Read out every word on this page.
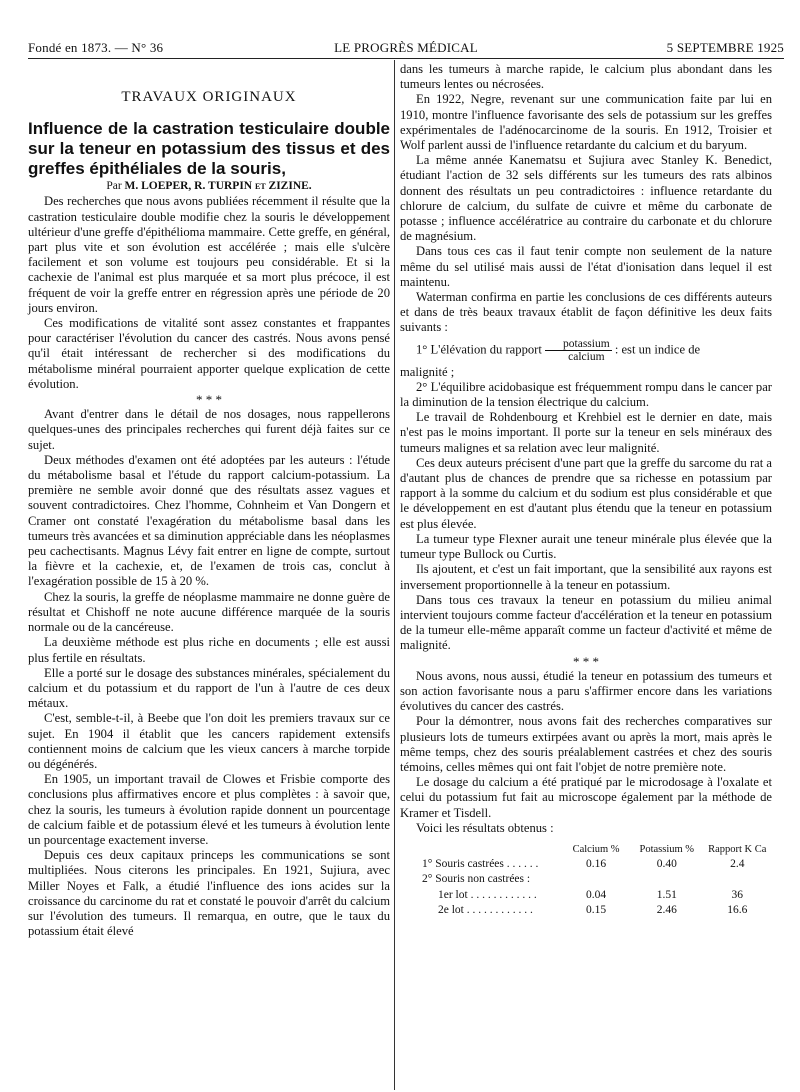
Fondé en 1873. — N° 36	LE PROGRÈS MÉDICAL	5 SEPTEMBRE 1925
TRAVAUX ORIGINAUX

Influence de la castration testiculaire double sur la teneur en potassium des tissus et des greffes épithéliales de la souris,

Par M. LOEPER, R. TURPIN et ZIZINE.

Des recherches que nous avons publiées récemment il résulte que la castration testiculaire double modifie chez la souris le développement ultérieur d'une greffe d'épithélioma mammaire. Cette greffe, en général, part plus vite et son évolution est accélérée ; mais elle s'ulcère facilement et son volume est toujours peu considérable. Et si la cachexie de l'animal est plus marquée et sa mort plus précoce, il est fréquent de voir la greffe entrer en régression après une période de 20 jours environ.

Ces modifications de vitalité sont assez constantes et frappantes pour caractériser l'évolution du cancer des castrés. Nous avons pensé qu'il était intéressant de rechercher si des modifications du métabolisme minéral pourraient apporter quelque explication de cette évolution.

* * *

Avant d'entrer dans le détail de nos dosages, nous rappellerons quelques-unes des principales recherches qui furent déjà faites sur ce sujet.

Deux méthodes d'examen ont été adoptées par les auteurs : l'étude du métabolisme basal et l'étude du rapport calcium-potassium. La première ne semble avoir donné que des résultats assez vagues et souvent contradictoires. Chez l'homme, Cohnheim et Van Dongern et Cramer ont constaté l'exagération du métabolisme basal dans les tumeurs très avancées et sa diminution appréciable dans les néoplasmes peu cachectisants. Magnus Lévy fait entrer en ligne de compte, surtout la fièvre et la cachexie, et, de l'examen de trois cas, conclut à l'exagération possible de 15 à 20 %.

Chez la souris, la greffe de néoplasme mammaire ne donne guère de résultat et Chishoff ne note aucune différence marquée de la souris normale ou de la cancéreuse.

La deuxième méthode est plus riche en documents ; elle est aussi plus fertile en résultats.

Elle a porté sur le dosage des substances minérales, spécialement du calcium et du potassium et du rapport de l'un à l'autre de ces deux métaux.

C'est, semble-t-il, à Beebe que l'on doit les premiers travaux sur ce sujet. En 1904 il établit que les cancers rapidement extensifs contiennent moins de calcium que les vieux cancers à marche torpide ou dégénérés.

En 1905, un important travail de Clowes et Frisbie comporte des conclusions plus affirmatives encore et plus complètes : à savoir que, chez la souris, les tumeurs à évolution rapide donnent un pourcentage de calcium faible et de potassium élevé et les tumeurs à évolution lente un pourcentage exactement inverse.

Depuis ces deux capitaux princeps les communications se sont multipliées. Nous citerons les principales. En 1921, Sujiura, avec Miller Noyes et Falk, a étudié l'influence des ions acides sur la croissance du carcinome du rat et constaté le pouvoir d'arrêt du calcium sur l'évolution des tumeurs. Il remarqua, en outre, que le taux du potassium était élevé

dans les tumeurs à marche rapide, le calcium plus abondant dans les tumeurs lentes ou nécrosées.

En 1922, Negre, revenant sur une communication faite par lui en 1910, montre l'influence favorisante des sels de potassium sur les greffes expérimentales de l'adénocarcinome de la souris. En 1912, Troisier et Wolf parlent aussi de l'influence retardante du calcium et du baryum.

La même année Kanematsu et Sujiura avec Stanley K. Benedict, étudiant l'action de 32 sels différents sur les tumeurs des rats albinos donnent des résultats un peu contradictoires : influence retardante du chlorure de calcium, du sulfate de cuivre et même du carbonate de potasse ; influence accélératrice au contraire du carbonate et du chlorure de magnésium.

Dans tous ces cas il faut tenir compte non seulement de la nature même du sel utilisé mais aussi de l'état d'ionisation dans lequel il est maintenu.

Waterman confirma en partie les conclusions de ces différents auteurs et dans de très beaux travaux établit de façon définitive les deux faits suivants :

1° L'élévation du rapport $\frac{\text{potassium}}{\text{calcium}}$ : est un indice de

malignité ;

2° L'équilibre acidobasique est fréquemment rompu dans le cancer par la diminution de la tension électrique du calcium.

Le travail de Rohdenbourg et Krehbiel est le dernier en date, mais n'est pas le moins important. Il porte sur la teneur en sels minéraux des tumeurs malignes et sa relation avec leur malignité.

Ces deux auteurs précisent d'une part que la greffe du sarcome du rat a d'autant plus de chances de prendre que sa richesse en potassium par rapport à la somme du calcium et du sodium est plus considérable et que le développement en est d'autant plus étendu que la teneur en potassium est plus élevée.

La tumeur type Flexner aurait une teneur minérale plus élevée que la tumeur type Bullock ou Curtis.

Ils ajoutent, et c'est un fait important, que la sensibilité aux rayons est inversement proportionnelle à la teneur en potassium.

Dans tous ces travaux la teneur en potassium du milieu animal intervient toujours comme facteur d'accélération et la teneur en potassium de la tumeur elle-même apparaît comme un facteur d'activité et même de malignité.

* * *

Nous avons, nous aussi, étudié la teneur en potassium des tumeurs et son action favorisante nous a paru s'affirmer encore dans les variations évolutives du cancer des castrés.

Pour la démontrer, nous avons fait des recherches comparatives sur plusieurs lots de tumeurs extirpées avant ou après la mort, mais après le même temps, chez des souris préalablement castrées et chez des souris témoins, celles mêmes qui ont fait l'objet de notre première note.

Le dosage du calcium a été pratiqué par le microdosage à l'oxalate et celui du potassium fut fait au microscope également par la méthode de Kramer et Tisdell.

Voici les résultats obtenus :

	Calcium %	Potassium %	Rapport K Ca
1° Souris castrées . . . . . .	0.16	0.40	2.4
2° Souris non castrées :			
1er lot . . . . . . . . . . . .	0.04	1.51	36
2e lot . . . . . . . . . . . .	0.15	2.46	16.6
